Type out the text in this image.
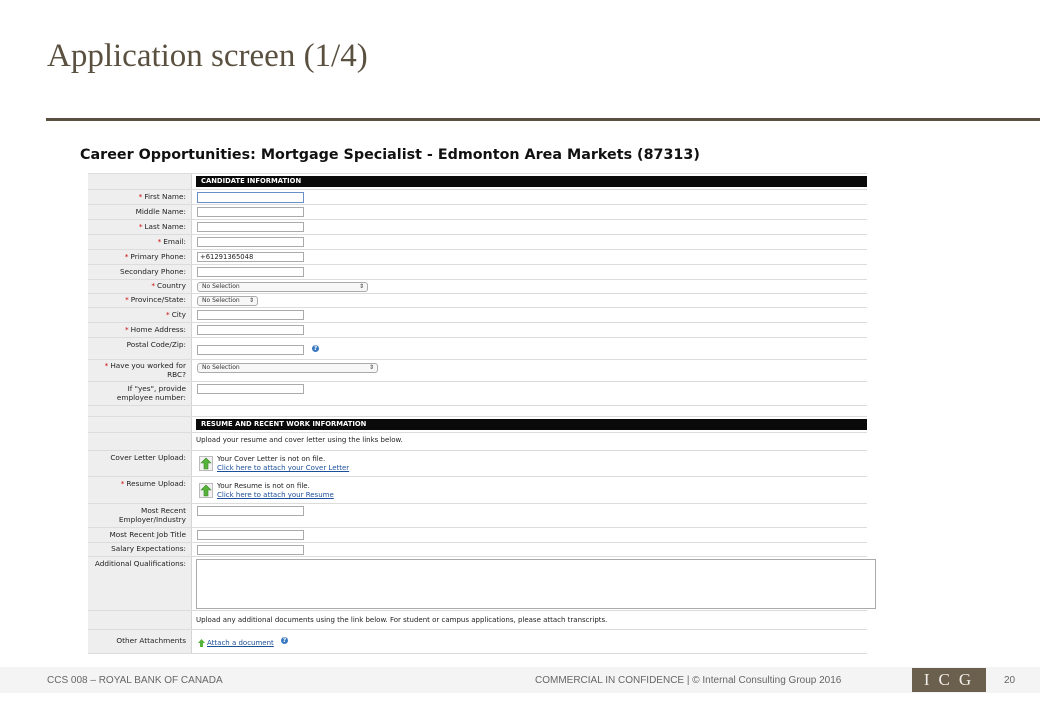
Application screen (1/4)
Career Opportunities: Mortgage Specialist - Edmonton Area Markets (87313)
CANDIDATE INFORMATION
* First Name:
Middle Name:
* Last Name:
* Email:
* Primary Phone:	+61291365048
Secondary Phone:
* Country	No Selection	⇕
* Province/State:	No Selection ⇕
* City
* Home Address:
Postal Code/Zip:	?
* Have you worked for
RBC?
No Selection	⇕
If "yes", provide
employee number:
RESUME AND RECENT WORK INFORMATION
Upload your resume and cover letter using the links below.
Cover Letter Upload:	Your Cover Letter is not on file.
Click here to attach your Cover Letter
* Resume Upload:	Your Resume is not on file.
Click here to attach your Resume
Most Recent
Employer/Industry
Most Recent Job Title
Salary Expectations:
Additional Qualifications:
Upload any additional documents using the link below. For student or campus applications, please attach transcripts.
Other Attachments	Attach a document ?
CCS 008 – ROYAL BANK OF CANADA	COMMERCIAL IN CONFIDENCE | © Internal Consulting Group 2016	ICG	20
